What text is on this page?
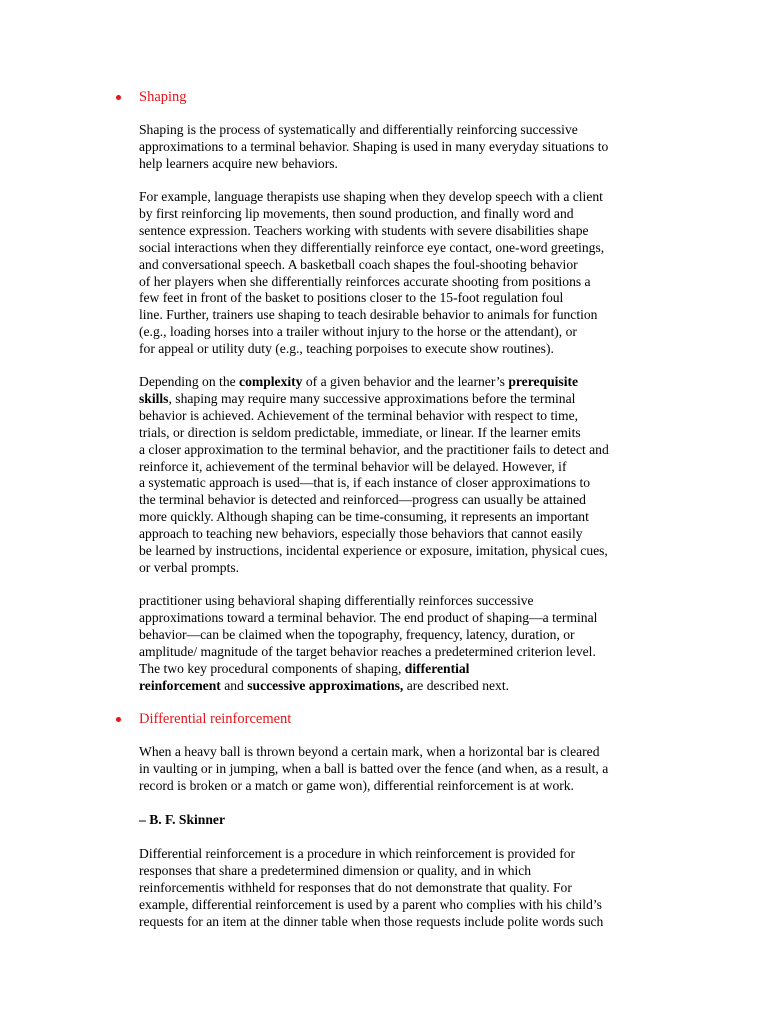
Shaping
Shaping is the process of systematically and differentially reinforcing successive
approximations to a terminal behavior. Shaping is used in many everyday situations to
help learners acquire new behaviors.
For example, language therapists use shaping when they develop speech with a client
by first reinforcing lip movements, then sound production, and finally word and
sentence expression. Teachers working with students with severe disabilities shape
social interactions when they differentially reinforce eye contact, one-word greetings,
and conversational speech. A basketball coach shapes the foul-shooting behavior
of her players when she differentially reinforces accurate shooting from positions a
few feet in front of the basket to positions closer to the 15-foot regulation foul
line. Further, trainers use shaping to teach desirable behavior to animals for function
(e.g., loading horses into a trailer without injury to the horse or the attendant), or
for appeal or utility duty (e.g., teaching porpoises to execute show routines).
Depending on the complexity of a given behavior and the learner’s prerequisite
skills, shaping may require many successive approximations before the terminal
behavior is achieved. Achievement of the terminal behavior with respect to time,
trials, or direction is seldom predictable, immediate, or linear. If the learner emits
a closer approximation to the terminal behavior, and the practitioner fails to detect and
reinforce it, achievement of the terminal behavior will be delayed. However, if
a systematic approach is used—that is, if each instance of closer approximations to
the terminal behavior is detected and reinforced—progress can usually be attained
more quickly. Although shaping can be time-consuming, it represents an important
approach to teaching new behaviors, especially those behaviors that cannot easily
be learned by instructions, incidental experience or exposure, imitation, physical cues,
or verbal prompts.
practitioner using behavioral shaping differentially reinforces successive
approximations toward a terminal behavior. The end product of shaping—a terminal
behavior—can be claimed when the topography, frequency, latency, duration, or
amplitude/ magnitude of the target behavior reaches a predetermined criterion level.
The two key procedural components of shaping, differential
reinforcement and successive approximations, are described next.
Differential reinforcement
When a heavy ball is thrown beyond a certain mark, when a horizontal bar is cleared
in vaulting or in jumping, when a ball is batted over the fence (and when, as a result, a
record is broken or a match or game won), differential reinforcement is at work.
– B. F. Skinner
Differential reinforcement is a procedure in which reinforcement is provided for
responses that share a predetermined dimension or quality, and in which
reinforcementis withheld for responses that do not demonstrate that quality. For
example, differential reinforcement is used by a parent who complies with his child’s
requests for an item at the dinner table when those requests include polite words such
